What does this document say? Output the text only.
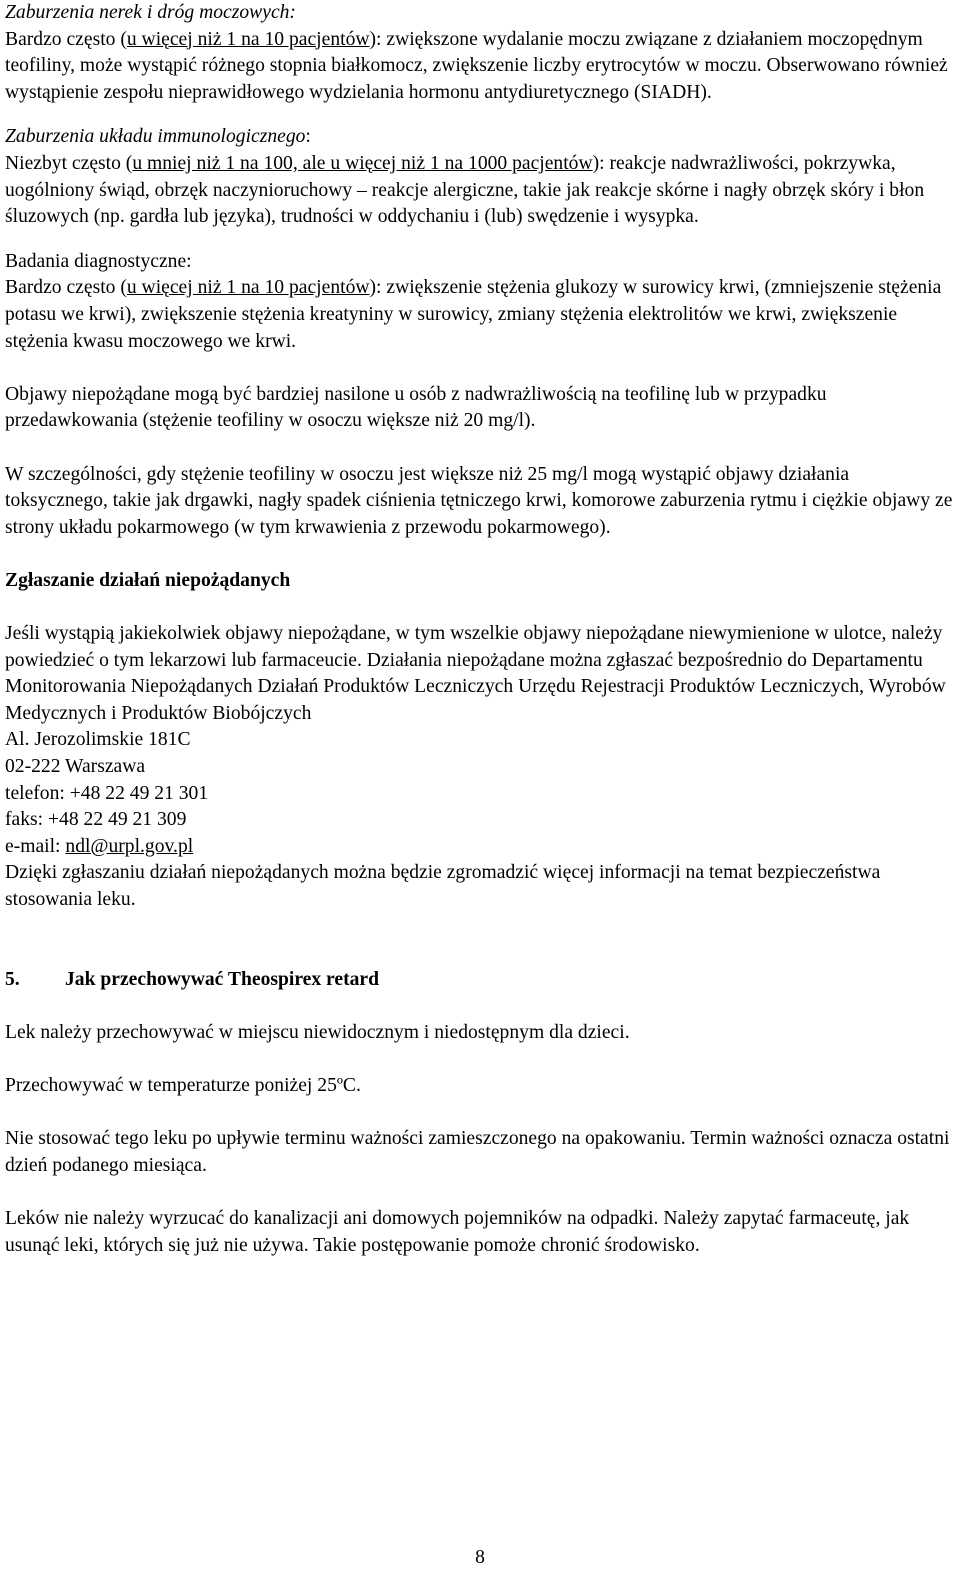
Zaburzenia nerek i dróg moczowych:

Bardzo często (u więcej niż 1 na 10 pacjentów): zwiększone wydalanie moczu związane z działaniem moczopędnym teofiliny, może wystąpić różnego stopnia białkomocz, zwiększenie liczby erytrocytów w moczu. Obserwowano również wystąpienie zespołu nieprawidłowego wydzielania hormonu antydiuretycznego (SIADH).

Zaburzenia układu immunologicznego:

Niezbyt często (u mniej niż 1 na 100, ale u więcej niż 1 na 1000 pacjentów): reakcje nadwrażliwości, pokrzywka, uogólniony świąd, obrzęk naczynioruchowy – reakcje alergiczne, takie jak reakcje skórne i nagły obrzęk skóry i błon śluzowych (np. gardła lub języka), trudności w oddychaniu i (lub) swędzenie i wysypka.

Badania diagnostyczne:

Bardzo często (u więcej niż 1 na 10 pacjentów): zwiększenie stężenia glukozy w surowicy krwi, (zmniejszenie stężenia potasu we krwi), zwiększenie stężenia kreatyniny w surowicy, zmiany stężenia elektrolitów we krwi, zwiększenie stężenia kwasu moczowego we krwi.

Objawy niepożądane mogą być bardziej nasilone u osób z nadwrażliwością na teofilinę lub w przypadku przedawkowania (stężenie teofiliny w osoczu większe niż 20 mg/l).

W szczególności, gdy stężenie teofiliny w osoczu jest większe niż 25 mg/l mogą wystąpić objawy działania toksycznego, takie jak drgawki, nagły spadek ciśnienia tętniczego krwi, komorowe zaburzenia rytmu i ciężkie objawy ze strony układu pokarmowego (w tym krwawienia z przewodu pokarmowego).

Zgłaszanie działań niepożądanych

Jeśli wystąpią jakiekolwiek objawy niepożądane, w tym wszelkie objawy niepożądane niewymienione w ulotce, należy powiedzieć o tym lekarzowi lub farmaceucie. Działania niepożądane można zgłaszać bezpośrednio do Departamentu Monitorowania Niepożądanych Działań Produktów Leczniczych Urzędu Rejestracji Produktów Leczniczych, Wyrobów Medycznych i Produktów Biobójczych

Al. Jerozolimskie 181C

02-222 Warszawa

telefon: +48 22 49 21 301

faks: +48 22 49 21 309

e-mail: ndl@urpl.gov.pl

Dzięki zgłaszaniu działań niepożądanych można będzie zgromadzić więcej informacji na temat bezpieczeństwa stosowania leku.

5. Jak przechowywać Theospirex retard

Lek należy przechowywać w miejscu niewidocznym i niedostępnym dla dzieci.

Przechowywać w temperaturze poniżej 25ºC.

Nie stosować tego leku po upływie terminu ważności zamieszczonego na opakowaniu. Termin ważności oznacza ostatni dzień podanego miesiąca.

Leków nie należy wyrzucać do kanalizacji ani domowych pojemników na odpadki. Należy zapytać farmaceutę, jak usunąć leki, których się już nie używa. Takie postępowanie pomoże chronić środowisko.

8
